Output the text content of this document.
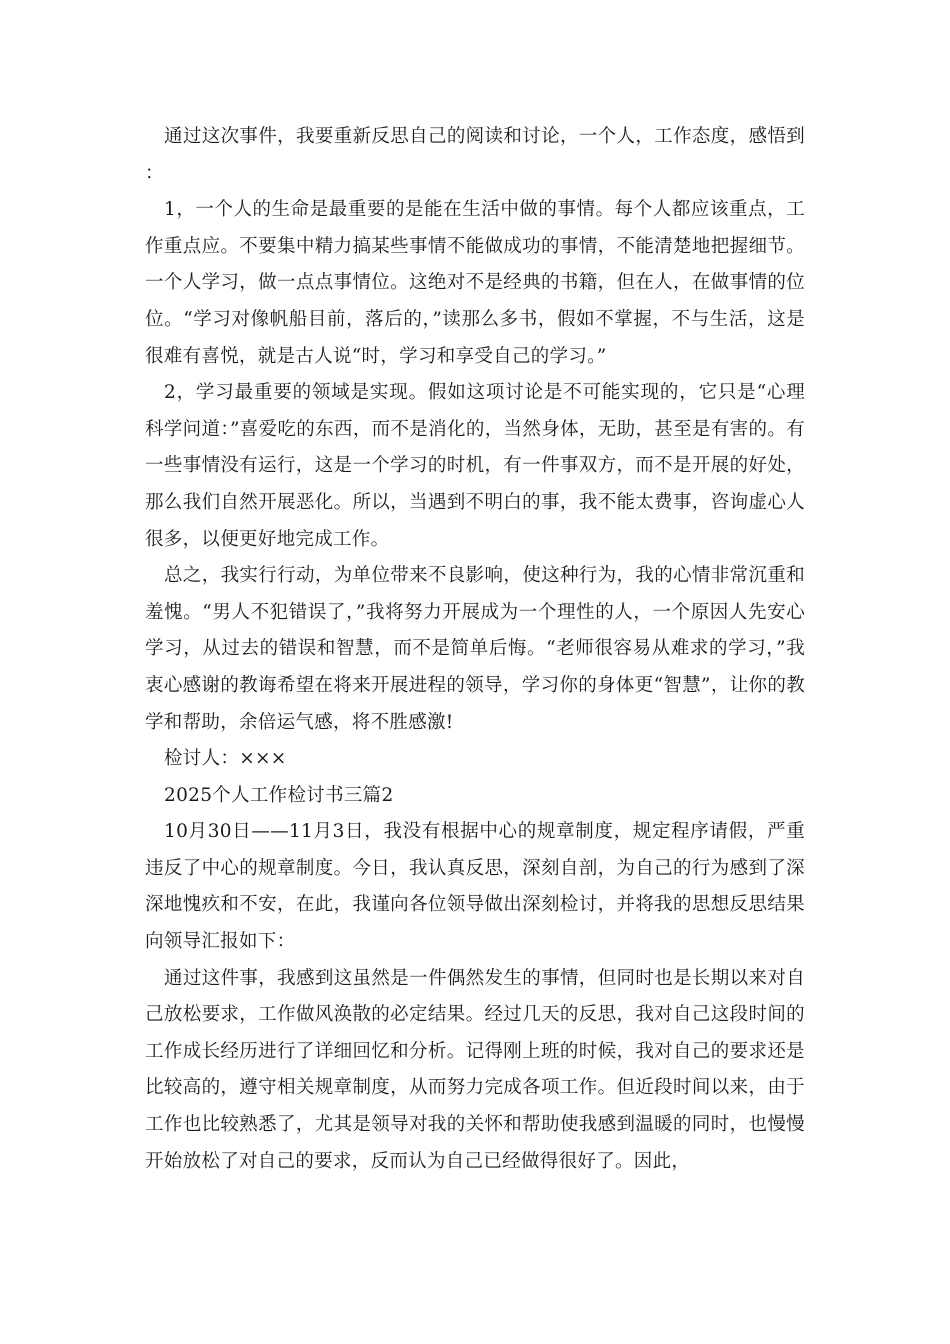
通过这次事件，我要重新反思自己的阅读和讨论，一个人，工作态度，感悟到：

1，一个人的生命是最重要的是能在生活中做的事情。每个人都应该重点，工作重点应。不要集中精力搞某些事情不能做成功的事情，不能清楚地把握细节。一个人学习，做一点点事情位。这绝对不是经典的书籍，但在人，在做事情的位位。“学习对像帆船目前，落后的，”读那么多书，假如不掌握，不与生活，这是很难有喜悦，就是古人说“时，学习和享受自己的学习。”

2，学习最重要的领域是实现。假如这项讨论是不可能实现的，它只是“心理科学问道：”喜爱吃的东西，而不是消化的，当然身体，无助，甚至是有害的。有一些事情没有运行，这是一个学习的时机，有一件事双方，而不是开展的好处，那么我们自然开展恶化。所以，当遇到不明白的事，我不能太费事，咨询虚心人很多，以便更好地完成工作。

总之，我实行行动，为单位带来不良影响，使这种行为，我的心情非常沉重和羞愧。“男人不犯错误了，”我将努力开展成为一个理性的人，一个原因人先安心学习，从过去的错误和智慧，而不是简单后悔。“老师很容易从难求的学习，”我衷心感谢的教诲希望在将来开展进程的领导，学习你的身体更“智慧”，让你的教学和帮助，余倍运气感，将不胜感激!

检讨人：×××

2025个人工作检讨书三篇2

10月30日——11月3日，我没有根据中心的规章制度，规定程序请假，严重违反了中心的规章制度。今日，我认真反思，深刻自剖，为自己的行为感到了深深地愧疚和不安，在此，我谨向各位领导做出深刻检讨，并将我的思想反思结果向领导汇报如下：

通过这件事，我感到这虽然是一件偶然发生的事情，但同时也是长期以来对自己放松要求，工作做风涣散的必定结果。经过几天的反思，我对自己这段时间的工作成长经历进行了详细回忆和分析。记得刚上班的时候，我对自己的要求还是比较高的，遵守相关规章制度，从而努力完成各项工作。但近段时间以来，由于工作也比较熟悉了，尤其是领导对我的关怀和帮助使我感到温暖的同时，也慢慢开始放松了对自己的要求，反而认为自己已经做得很好了。因此，
